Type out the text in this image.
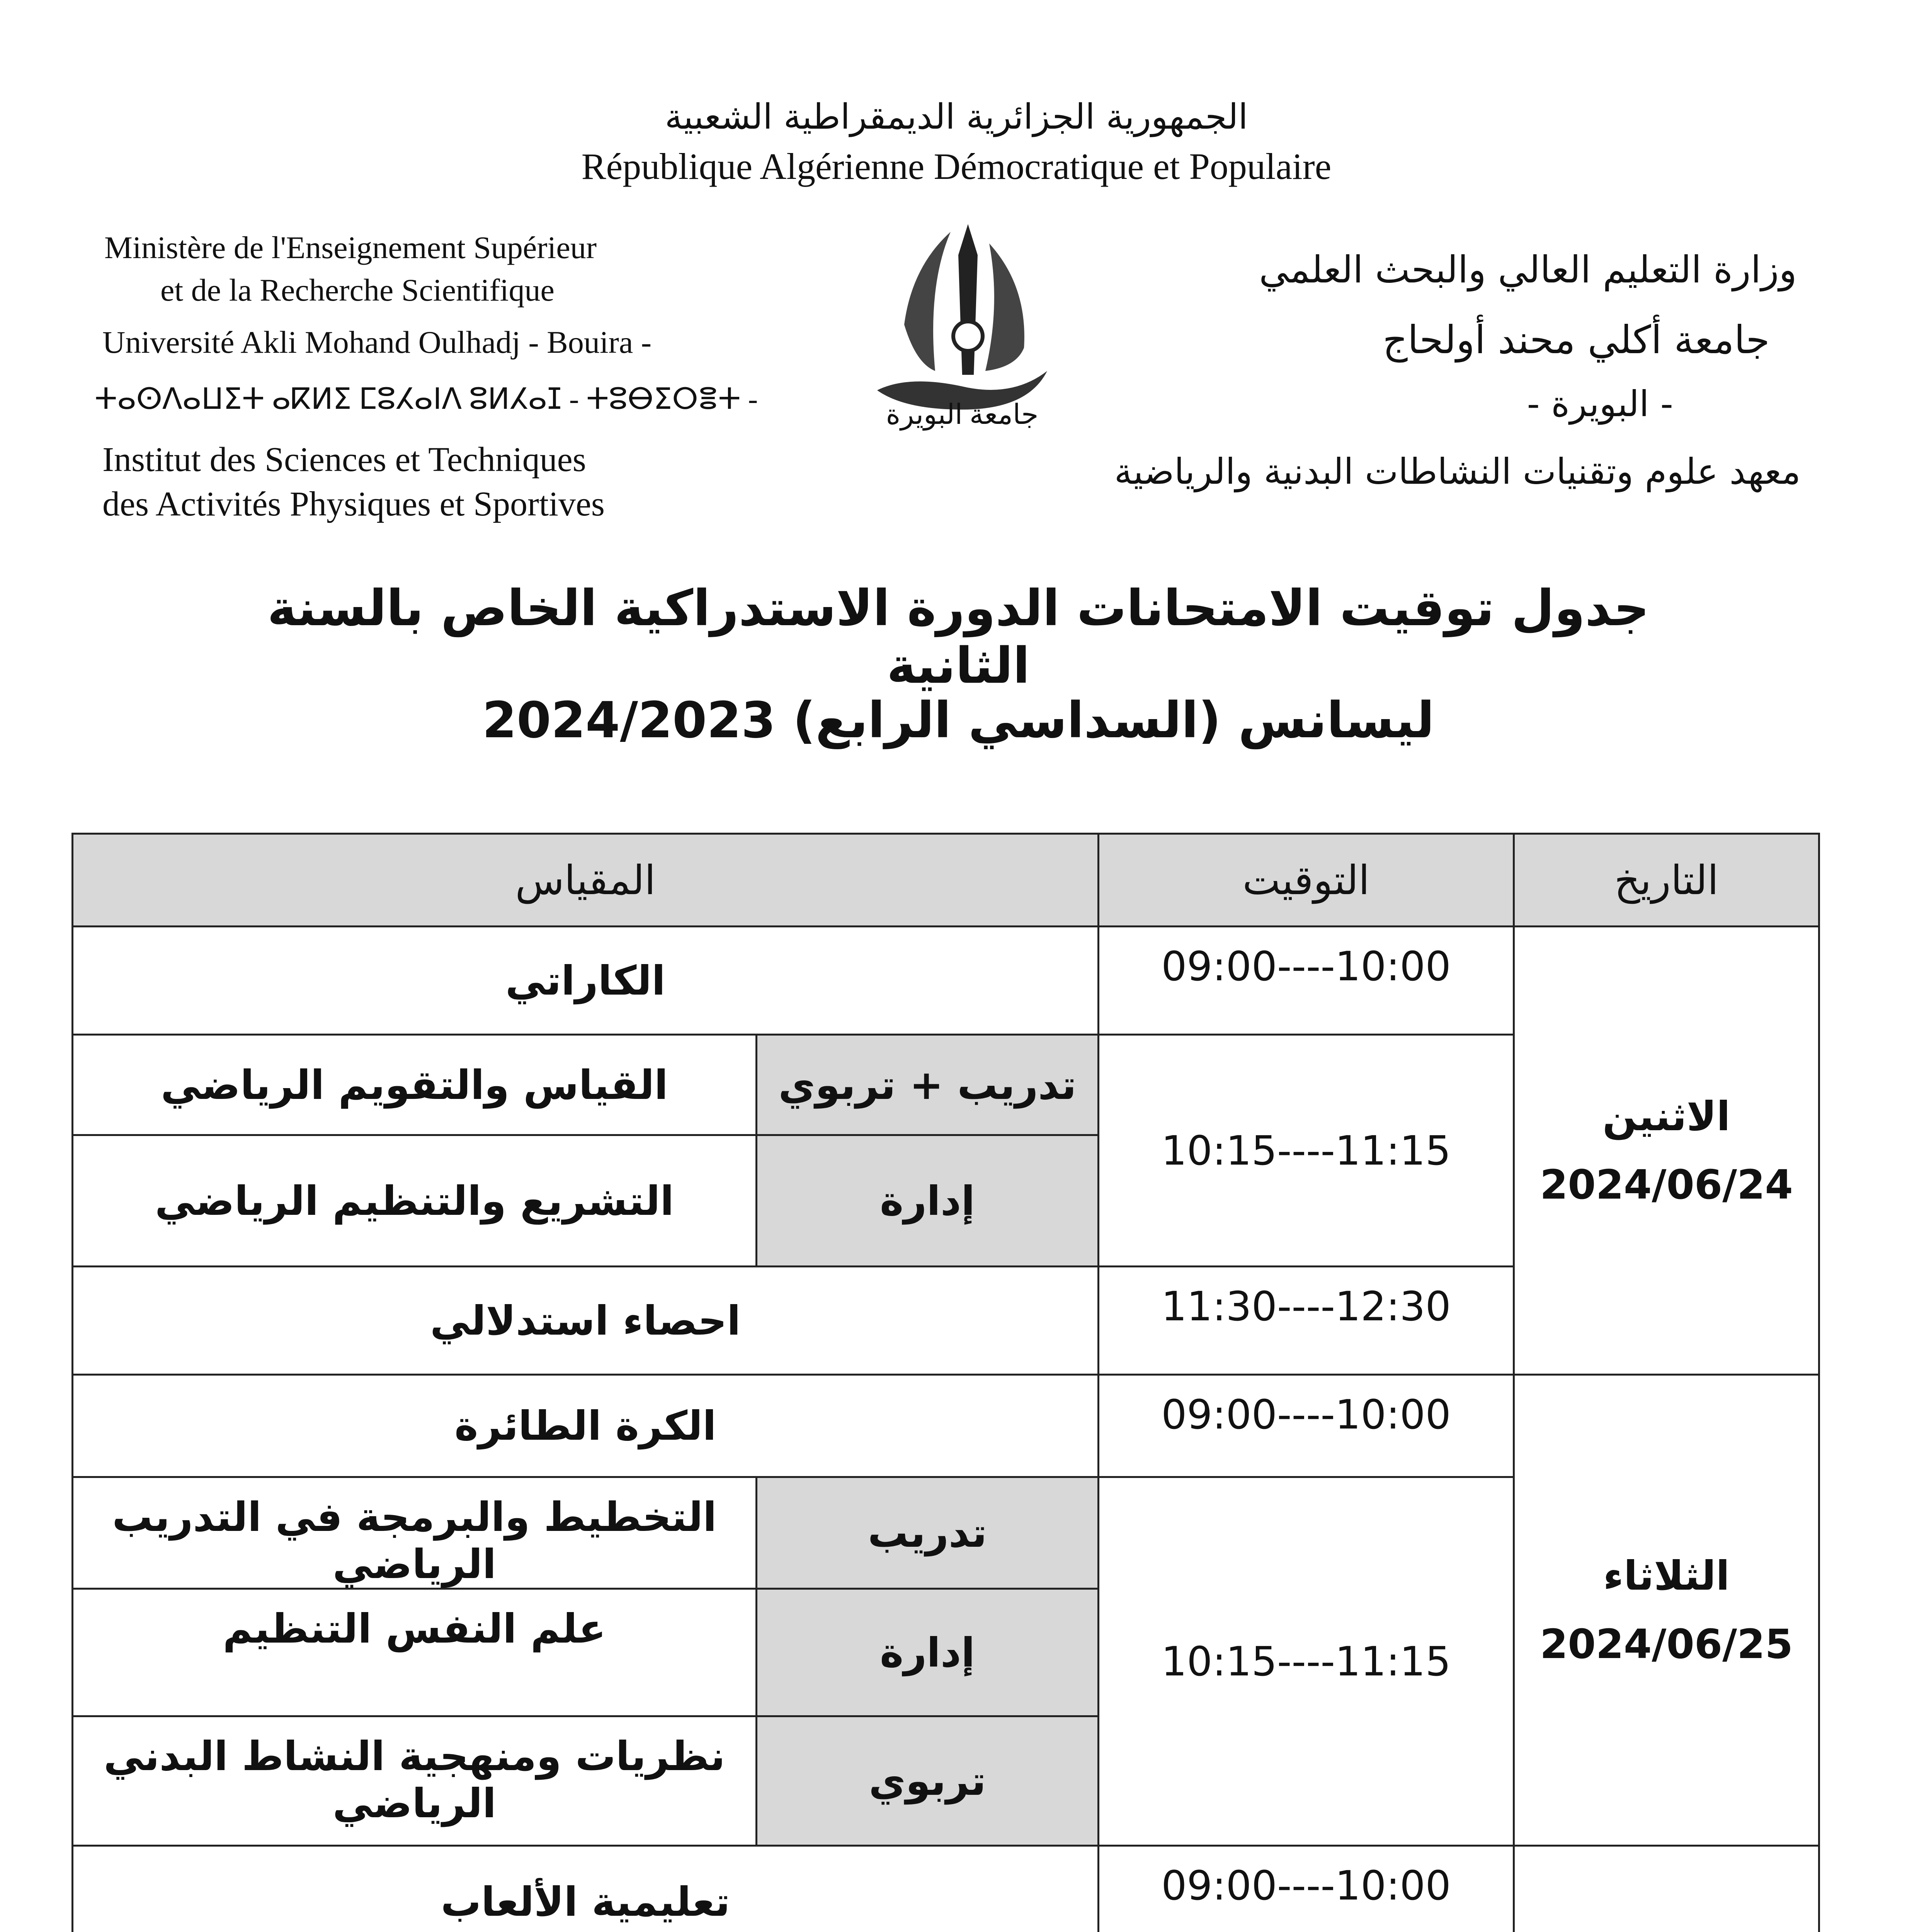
الجمهورية الجزائرية الديمقراطية الشعبية
République Algérienne Démocratique et Populaire
Ministère de l'Enseignement Supérieur
et de la Recherche Scientifique
Université Akli Mohand Oulhadj - Bouira -
ⵜⴰⵙⴷⴰⵡⵉⵜ ⴰⴽⵍⵉ ⵎⵓⵃⴰⵏⴷ ⵓⵍⵃⴰⵊ - ⵜⵓⴱⵉⵔⴻⵜ -
Institut des Sciences et Techniques
des Activités Physiques et Sportives
جامعة البويرة
وزارة التعليم العالي والبحث العلمي
جامعة أكلي محند أولحاج
- البويرة -
معهد علوم وتقنيات النشاطات البدنية والرياضية
جدول توقيت الامتحانات الدورة الاستدراكية الخاص بالسنة الثانية
ليسانس (السداسي الرابع) 2024/2023
التاريخ	التوقيت	المقياس	

الاثنين
2024/06/24	09:00----10:00	الكاراتي	
	10:15----11:15	تدريب + تربوي	القياس والتقويم الرياضي
		إدارة	التشريع والتنظيم الرياضي
	11:30----12:30	احصاء استدلالي	

الثلاثاء
2024/06/25	09:00----10:00	الكرة الطائرة	
	10:15----11:15	تدريب	التخطيط والبرمجة في التدريب الرياضي
		إدارة	علم النفس التنظيم
		تربوي	نظريات ومنهجية النشاط البدني الرياضي

	09:00----10:00	تعليمية الألعاب	
